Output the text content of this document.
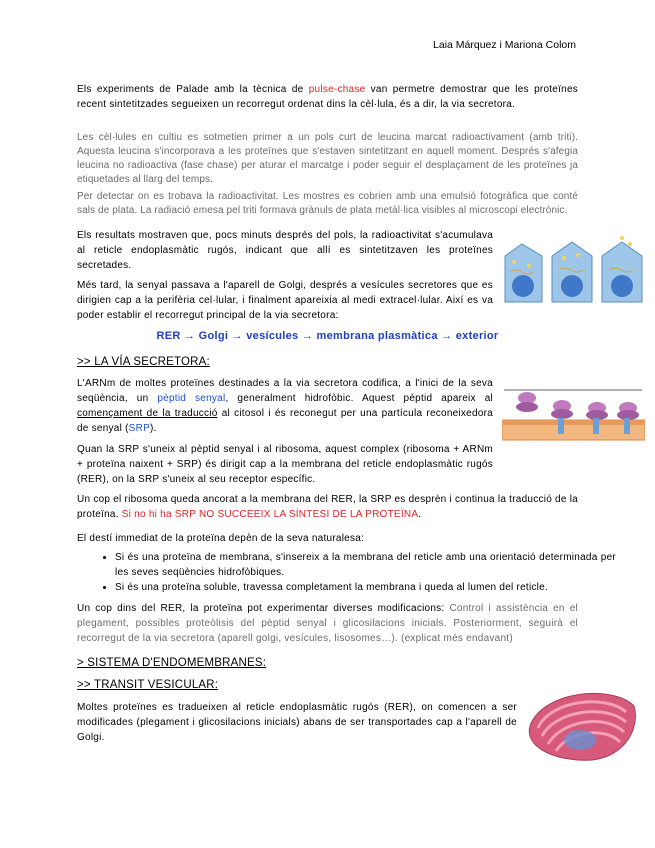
Laia Márquez i Mariona Colom
Els experiments de Palade amb la tècnica de pulse-chase van permetre demostrar que les proteïnes recent sintetitzades segueixen un recorregut ordenat dins la cèl·lula, és a dir, la via secretora.
Les cèl·lules en cultiu es sotmetien primer a un pols curt de leucina marcat radioactivament (amb triti). Aquesta leucina s'incorporava a les proteïnes que s'estaven sintetitzant en aquell moment. Després s'afegia leucina no radioactiva (fase chase) per aturar el marcatge i poder seguir el desplaçament de les proteïnes ja etiquetades al llarg del temps.
Per detectar on es trobava la radioactivitat. Les mostres es cobrien amb una emulsió fotogràfica que conté sals de plata. La radiació emesa pel triti formava grànuls de plata metàl·lica visibles al microscopi electrònic.
Els resultats mostraven que, pocs minuts després del pols, la radioactivitat s'acumulava al reticle endoplasmàtic rugós, indicant que allí es sintetitzaven les proteïnes secretades.
Més tard, la senyal passava a l'aparell de Golgi, després a vesícules secretores que es dirigien cap a la perifèria cel·lular, i finalment apareixia al medi extracel·lular. Així es va poder establir el recorregut principal de la via secretora:
RER → Golgi → vesícules → membrana plasmàtica → exterior
>> LA VÍA SECRETORA:
L'ARNm de moltes proteïnes destinades a la via secretora codifica, a l'inici de la seva seqüència, un pèptid senyal, generalment hidrofòbic. Aquest pèptid apareix al començament de la traducció al citosol i és reconegut per una partícula reconeixedora de senyal (SRP).
Quan la SRP s'uneix al pèptid senyal i al ribosoma, aquest complex (ribosoma + ARNm + proteïna naixent + SRP) és dirigit cap a la membrana del reticle endoplasmàtic rugós (RER), on la SRP s'uneix al seu receptor específic.
Un cop el ribosoma queda ancorat a la membrana del RER, la SRP es desprèn i continua la traducció de la proteïna. Si no hi ha SRP NO SUCCEEIX LA SÍNTESI DE LA PROTEÏNA.
El destí immediat de la proteïna depèn de la seva naturalesa:
• Si és una proteïna de membrana, s'insereix a la membrana del reticle amb una orientació determinada per les seves seqüències hidrofòbiques.
• Si és una proteïna soluble, travessa completament la membrana i queda al lumen del reticle.
Un cop dins del RER, la proteïna pot experimentar diverses modificacions: Control i assistència en el plegament, possibles proteòlisis del pèptid senyal i glicosilacions inicials. Posteriorment, seguirà el recorregut de la via secretora (aparell golgi, vesícules, lisosomes…). (explicat més endavant)
> SISTEMA D'ENDOMEMBRANES:
>> TRANSIT VESICULAR:
Moltes proteïnes es tradueixen al reticle endoplasmàtic rugós (RER), on comencen a ser modificades (plegament i glicosilacions inicials) abans de ser transportades cap a l'aparell de Golgi.
